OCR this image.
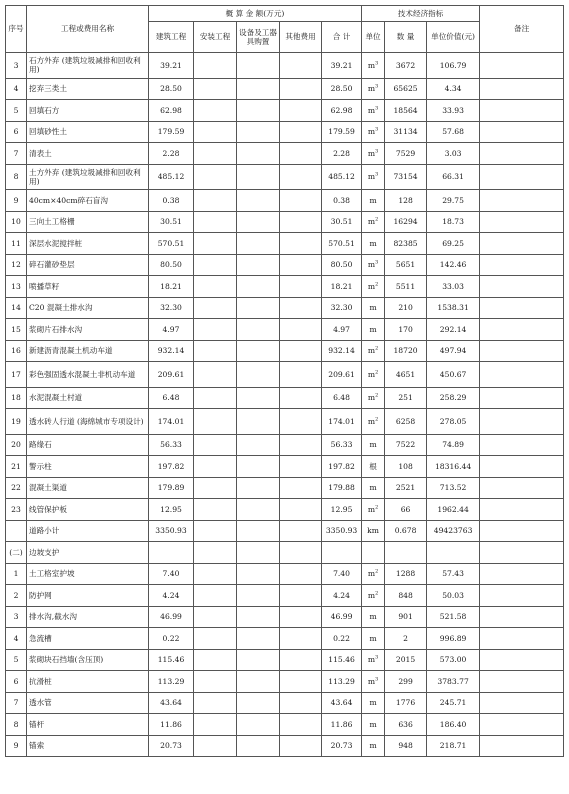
序号	工程或费用名称	概 算 金 额(万元)					技术经济指标			备注
		建筑工程	安装工程	设备及工器具购置	其他费用	合 计	单位	数 量	单位价值(元)	
3	石方外弃 (建筑垃圾减排和回收利用)	39.21				39.21	$m^3$	3672	106.79	
4	挖弃三类土	28.50				28.50	$m^3$	65625	4.34	
5	回填石方	62.98				62.98	$m^3$	18564	33.93	
6	回填砂性土	179.59				179.59	$m^3$	31134	57.68	
7	清表土	2.28				2.28	$m^3$	7529	3.03	
8	土方外弃 (建筑垃圾减排和回收利用)	485.12				485.12	$m^3$	73154	66.31	
9	40cm×40cm碎石盲沟	0.38				0.38	m	128	29.75	
10	三向土工格栅	30.51				30.51	$m^2$	16294	18.73	
11	深层水泥搅拌桩	570.51				570.51	m	82385	69.25	
12	碎石灌砂垫层	80.50				80.50	$m^3$	5651	142.46	
13	喷播草籽	18.21				18.21	$m^2$	5511	33.03	
14	C20 混凝土排水沟	32.30				32.30	m	210	1538.31	
15	浆砌片石排水沟	4.97				4.97	m	170	292.14	
16	新建沥青混凝土机动车道	932.14				932.14	$m^2$	18720	497.94	
17	彩色强固透水混凝土非机动车道	209.61				209.61	$m^2$	4651	450.67	
18	水泥混凝土村道	6.48				6.48	$m^2$	251	258.29	
19	透水砖人行道 (海绵城市专项设计)	174.01				174.01	$m^2$	6258	278.05	
20	路缘石	56.33				56.33	m	7522	74.89	
21	警示柱	197.82				197.82	根	108	18316.44	
22	混凝土渠道	179.89				179.88	m	2521	713.52	
23	线管保护板	12.95				12.95	$m^2$	66	1962.44	
	道路小计	3350.93				3350.93	km	0.678	49423763	
(二)	边坡支护									
1	土工格室护坡	7.40				7.40	$m^2$	1288	57.43	
2	防护网	4.24				4.24	$m^2$	848	50.03	
3	排水沟,截水沟	46.99				46.99	m	901	521.58	
4	急流槽	0.22				0.22	m	2	996.89	
5	浆砌块石挡墙(含压顶)	115.46				115.46	$m^3$	2015	573.00	
6	抗滑桩	113.29				113.29	$m^3$	299	3783.77	
7	透水管	43.64				43.64	m	1776	245.71	
8	锚杆	11.86				11.86	m	636	186.40	
9	锚索	20.73				20.73	m	948	218.71	
